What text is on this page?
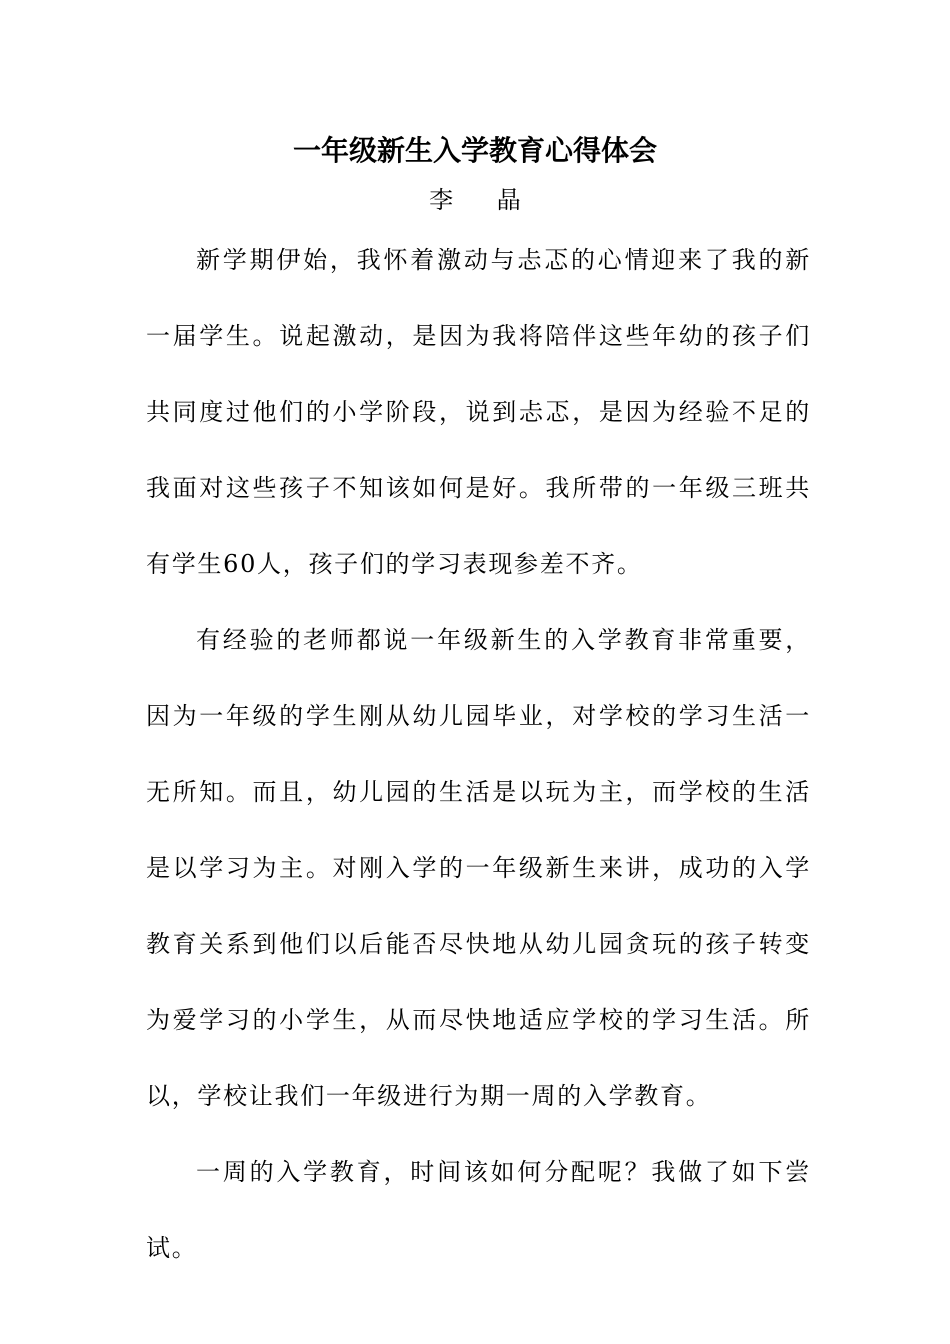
一年级新生入学教育心得体会
李 晶

新学期伊始，我怀着激动与忐忑的心情迎来了我的新一届学生。说起激动，是因为我将陪伴这些年幼的孩子们共同度过他们的小学阶段，说到忐忑，是因为经验不足的我面对这些孩子不知该如何是好。我所带的一年级三班共有学生60人，孩子们的学习表现参差不齐。

有经验的老师都说一年级新生的入学教育非常重要，因为一年级的学生刚从幼儿园毕业，对学校的学习生活一无所知。而且，幼儿园的生活是以玩为主，而学校的生活是以学习为主。对刚入学的一年级新生来讲，成功的入学教育关系到他们以后能否尽快地从幼儿园贪玩的孩子转变为爱学习的小学生，从而尽快地适应学校的学习生活。所以，学校让我们一年级进行为期一周的入学教育。

一周的入学教育，时间该如何分配呢？我做了如下尝试。
